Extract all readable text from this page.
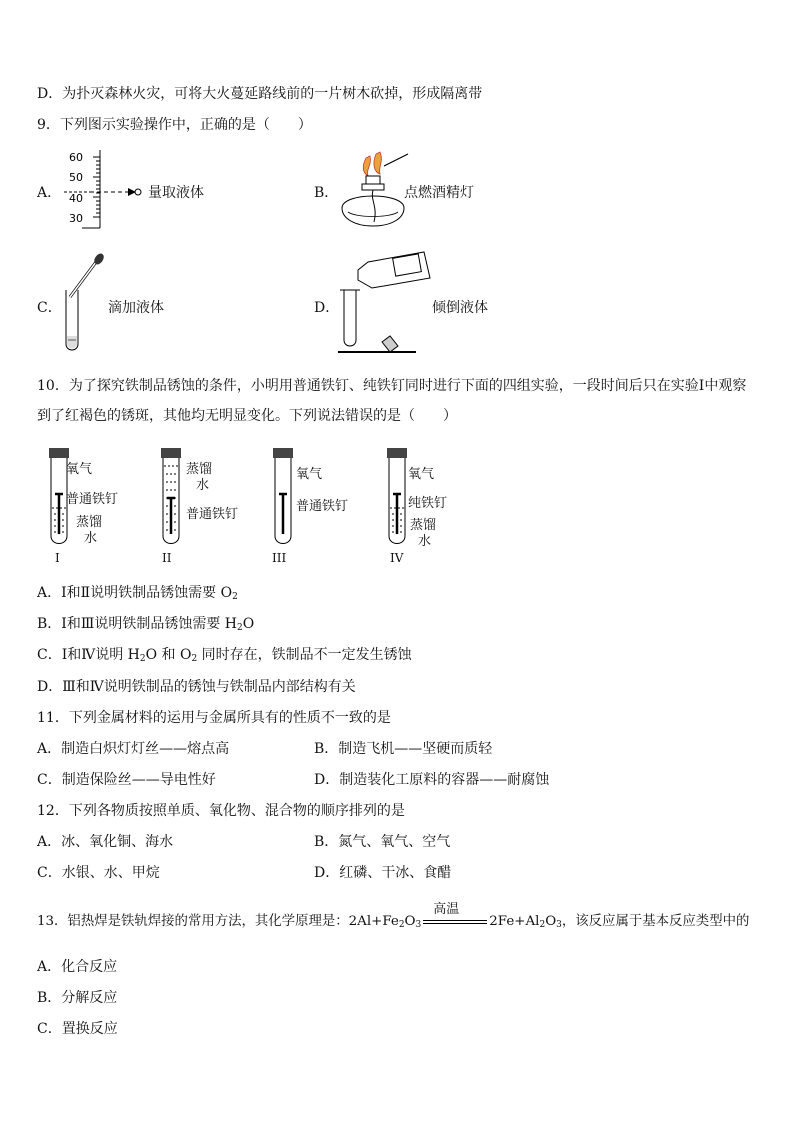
D．为扑灭森林火灾，可将大火蔓延路线前的一片树木砍掉，形成隔离带
9．下列图示实验操作中，正确的是（　　）
A．
60
50
40
30
量取液体	B．	点燃酒精灯
C．	滴加液体	D．	倾倒液体
10．为了探究铁制品锈蚀的条件，小明用普通铁钉、纯铁钉同时进行下面的四组实验，一段时间后只在实验Ⅰ中观察
到了红褐色的锈斑，其他均无明显变化。下列说法错误的是（　　）
氧气
普通铁钉
蒸馏
水
I
蒸馏
水
普通铁钉
II
氧气
普通铁钉
III
氧气
纯铁钉
蒸馏
水
IV
A．Ⅰ和Ⅱ说明铁制品锈蚀需要 $O_2$
B．Ⅰ和Ⅲ说明铁制品锈蚀需要 $H_2O$
C．Ⅰ和Ⅳ说明 $H_2O$ 和 $O_2$ 同时存在，铁制品不一定发生锈蚀
D．Ⅲ和Ⅳ说明铁制品的锈蚀与铁制品内部结构有关
11．下列金属材料的运用与金属所具有的性质不一致的是
A．制造白炽灯灯丝——熔点高	B．制造飞机——坚硬而质轻
C．制造保险丝——导电性好	D．制造装化工原料的容器——耐腐蚀
12．下列各物质按照单质、氧化物、混合物的顺序排列的是
A．冰、氧化铜、海水	B．氮气、氧气、空气
C．水银、水、甲烷	D．红磷、干冰、食醋
13．铝热焊是铁轨焊接的常用方法，其化学原理是：$2Al+Fe_2O_3$
高温
$2Fe+Al_2O_3$，该反应属于基本反应类型中的
A．化合反应
B．分解反应
C．置换反应
